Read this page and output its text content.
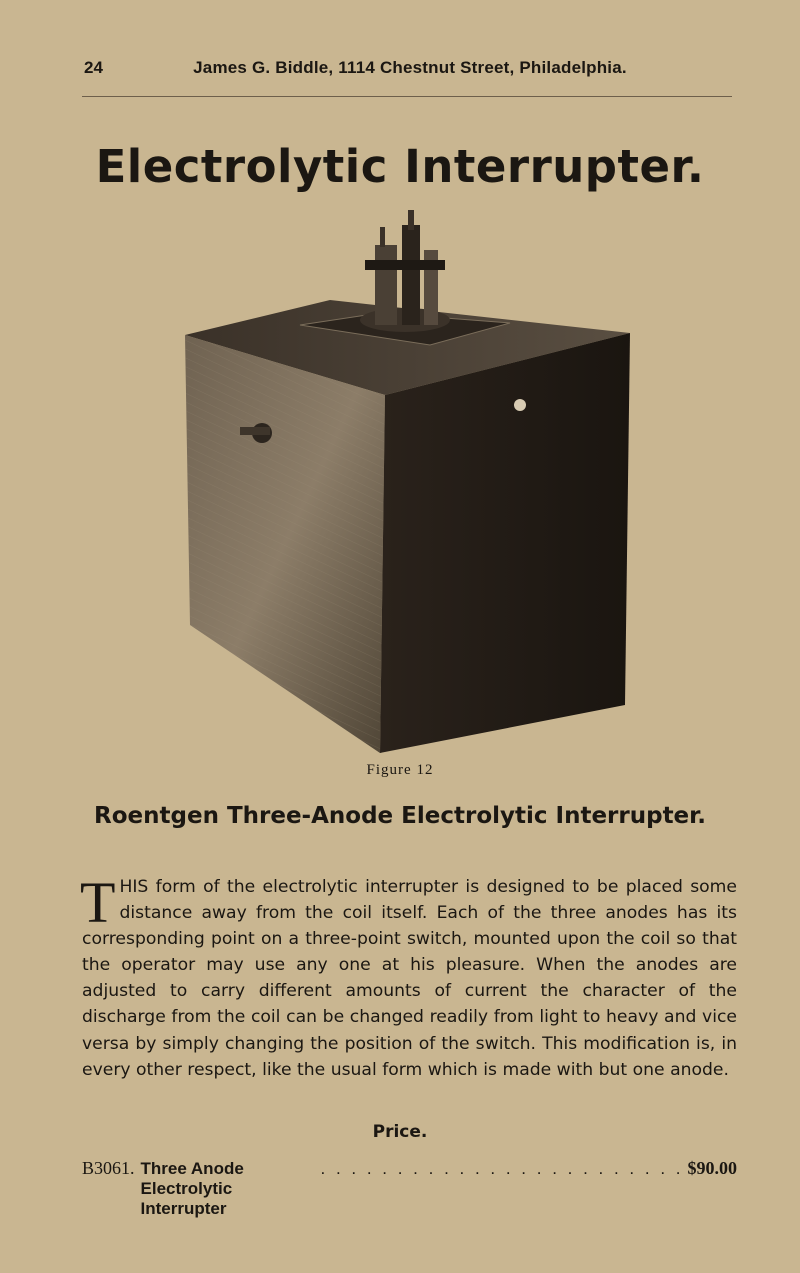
24	James G. Biddle, 1114 Chestnut Street, Philadelphia.
Electrolytic Interrupter.
Figure 12
Roentgen Three-Anode Electrolytic Interrupter.
THIS form of the electrolytic interrupter is designed to be placed some distance away from the coil itself. Each of the three anodes has its corresponding point on a three-point switch, mounted upon the coil so that the operator may use any one at his pleasure. When the anodes are adjusted to carry different amounts of current the character of the discharge from the coil can be changed readily from light to heavy and vice versa by simply changing the position of the switch. This modification is, in every other respect, like the usual form which is made with but one anode.
Price.
B3061. Three Anode Electrolytic Interrupter
. . . . . . . . . . . . . . . . . . . . . . . . $90.00
